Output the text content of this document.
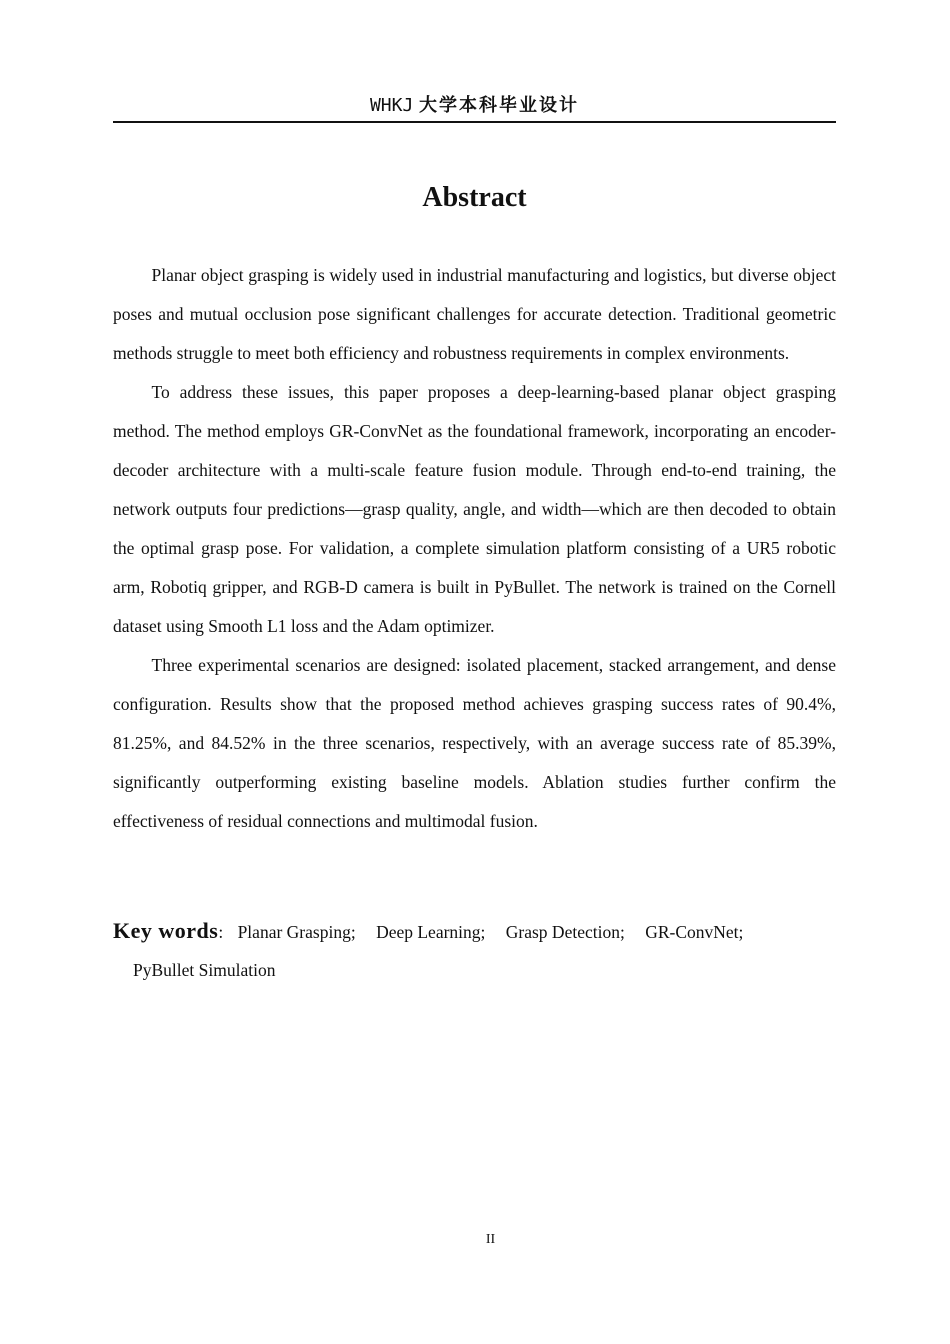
WHKJ 大学本科毕业设计
Abstract

Planar object grasping is widely used in industrial manufacturing and logistics, but diverse object poses and mutual occlusion pose significant challenges for accurate detection. Traditional geometric methods struggle to meet both efficiency and robustness requirements in complex environments.

To address these issues, this paper proposes a deep-learning-based planar object grasping method. The method employs GR-ConvNet as the foundational framework, incorporating an encoder-decoder architecture with a multi-scale feature fusion module. Through end-to-end training, the network outputs four predictions—grasp quality, angle, and width—which are then decoded to obtain the optimal grasp pose. For validation, a complete simulation platform consisting of a UR5 robotic arm, Robotiq gripper, and RGB-D camera is built in PyBullet. The network is trained on the Cornell dataset using Smooth L1 loss and the Adam optimizer.

Three experimental scenarios are designed: isolated placement, stacked arrangement, and dense configuration. Results show that the proposed method achieves grasping success rates of 90.4%, 81.25%, and 84.52% in the three scenarios, respectively, with an average success rate of 85.39%, significantly outperforming existing baseline models. Ablation studies further confirm the effectiveness of residual connections and multimodal fusion.

Key words: Planar Grasping; Deep Learning; Grasp Detection; GR-ConvNet;
PyBullet Simulation
II
